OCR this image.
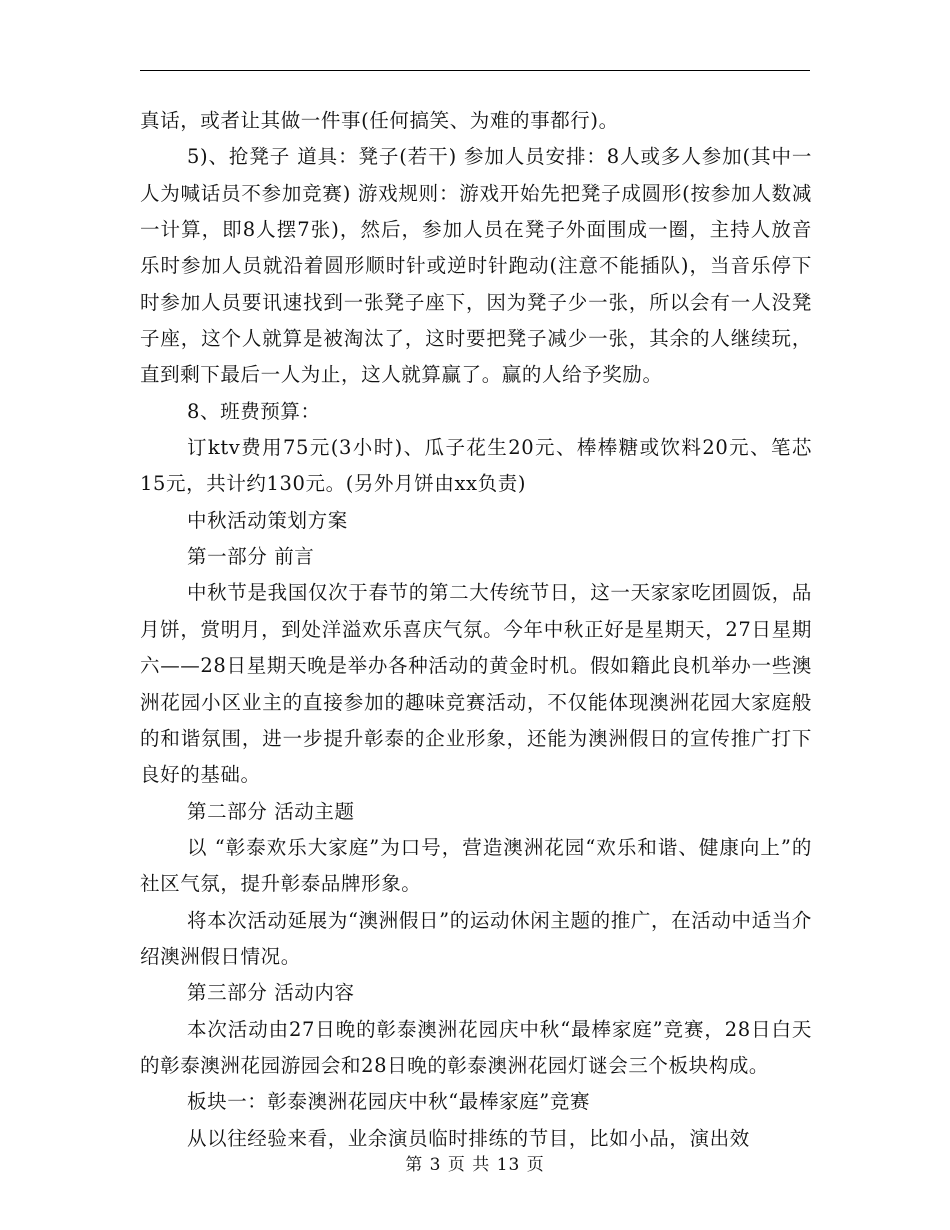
真话，或者让其做一件事(任何搞笑、为难的事都行)。

5)、抢凳子 道具：凳子(若干) 参加人员安排：8人或多人参加(其中一人为喊话员不参加竞赛) 游戏规则：游戏开始先把凳子成圆形(按参加人数减一计算，即8人摆7张)，然后，参加人员在凳子外面围成一圈，主持人放音乐时参加人员就沿着圆形顺时针或逆时针跑动(注意不能插队)，当音乐停下时参加人员要讯速找到一张凳子座下，因为凳子少一张，所以会有一人没凳子座，这个人就算是被淘汰了，这时要把凳子减少一张，其余的人继续玩，直到剩下最后一人为止，这人就算赢了。赢的人给予奖励。

8、班费预算：

订ktv费用75元(3小时)、瓜子花生20元、棒棒糖或饮料20元、笔芯15元，共计约130元。(另外月饼由xx负责)

中秋活动策划方案

第一部分 前言

中秋节是我国仅次于春节的第二大传统节日，这一天家家吃团圆饭，品月饼，赏明月，到处洋溢欢乐喜庆气氛。今年中秋正好是星期天，27日星期六——28日星期天晚是举办各种活动的黄金时机。假如籍此良机举办一些澳洲花园小区业主的直接参加的趣味竞赛活动，不仅能体现澳洲花园大家庭般的和谐氛围，进一步提升彰泰的企业形象，还能为澳洲假日的宣传推广打下良好的基础。

第二部分 活动主题

以 “彰泰欢乐大家庭”为口号，营造澳洲花园“欢乐和谐、健康向上”的社区气氛，提升彰泰品牌形象。

将本次活动延展为“澳洲假日”的运动休闲主题的推广，在活动中适当介绍澳洲假日情况。

第三部分 活动内容

本次活动由27日晚的彰泰澳洲花园庆中秋“最棒家庭”竞赛，28日白天的彰泰澳洲花园游园会和28日晚的彰泰澳洲花园灯谜会三个板块构成。

板块一：彰泰澳洲花园庆中秋“最棒家庭”竞赛

从以往经验来看，业余演员临时排练的节目，比如小品，演出效

第 3 页 共 13 页
